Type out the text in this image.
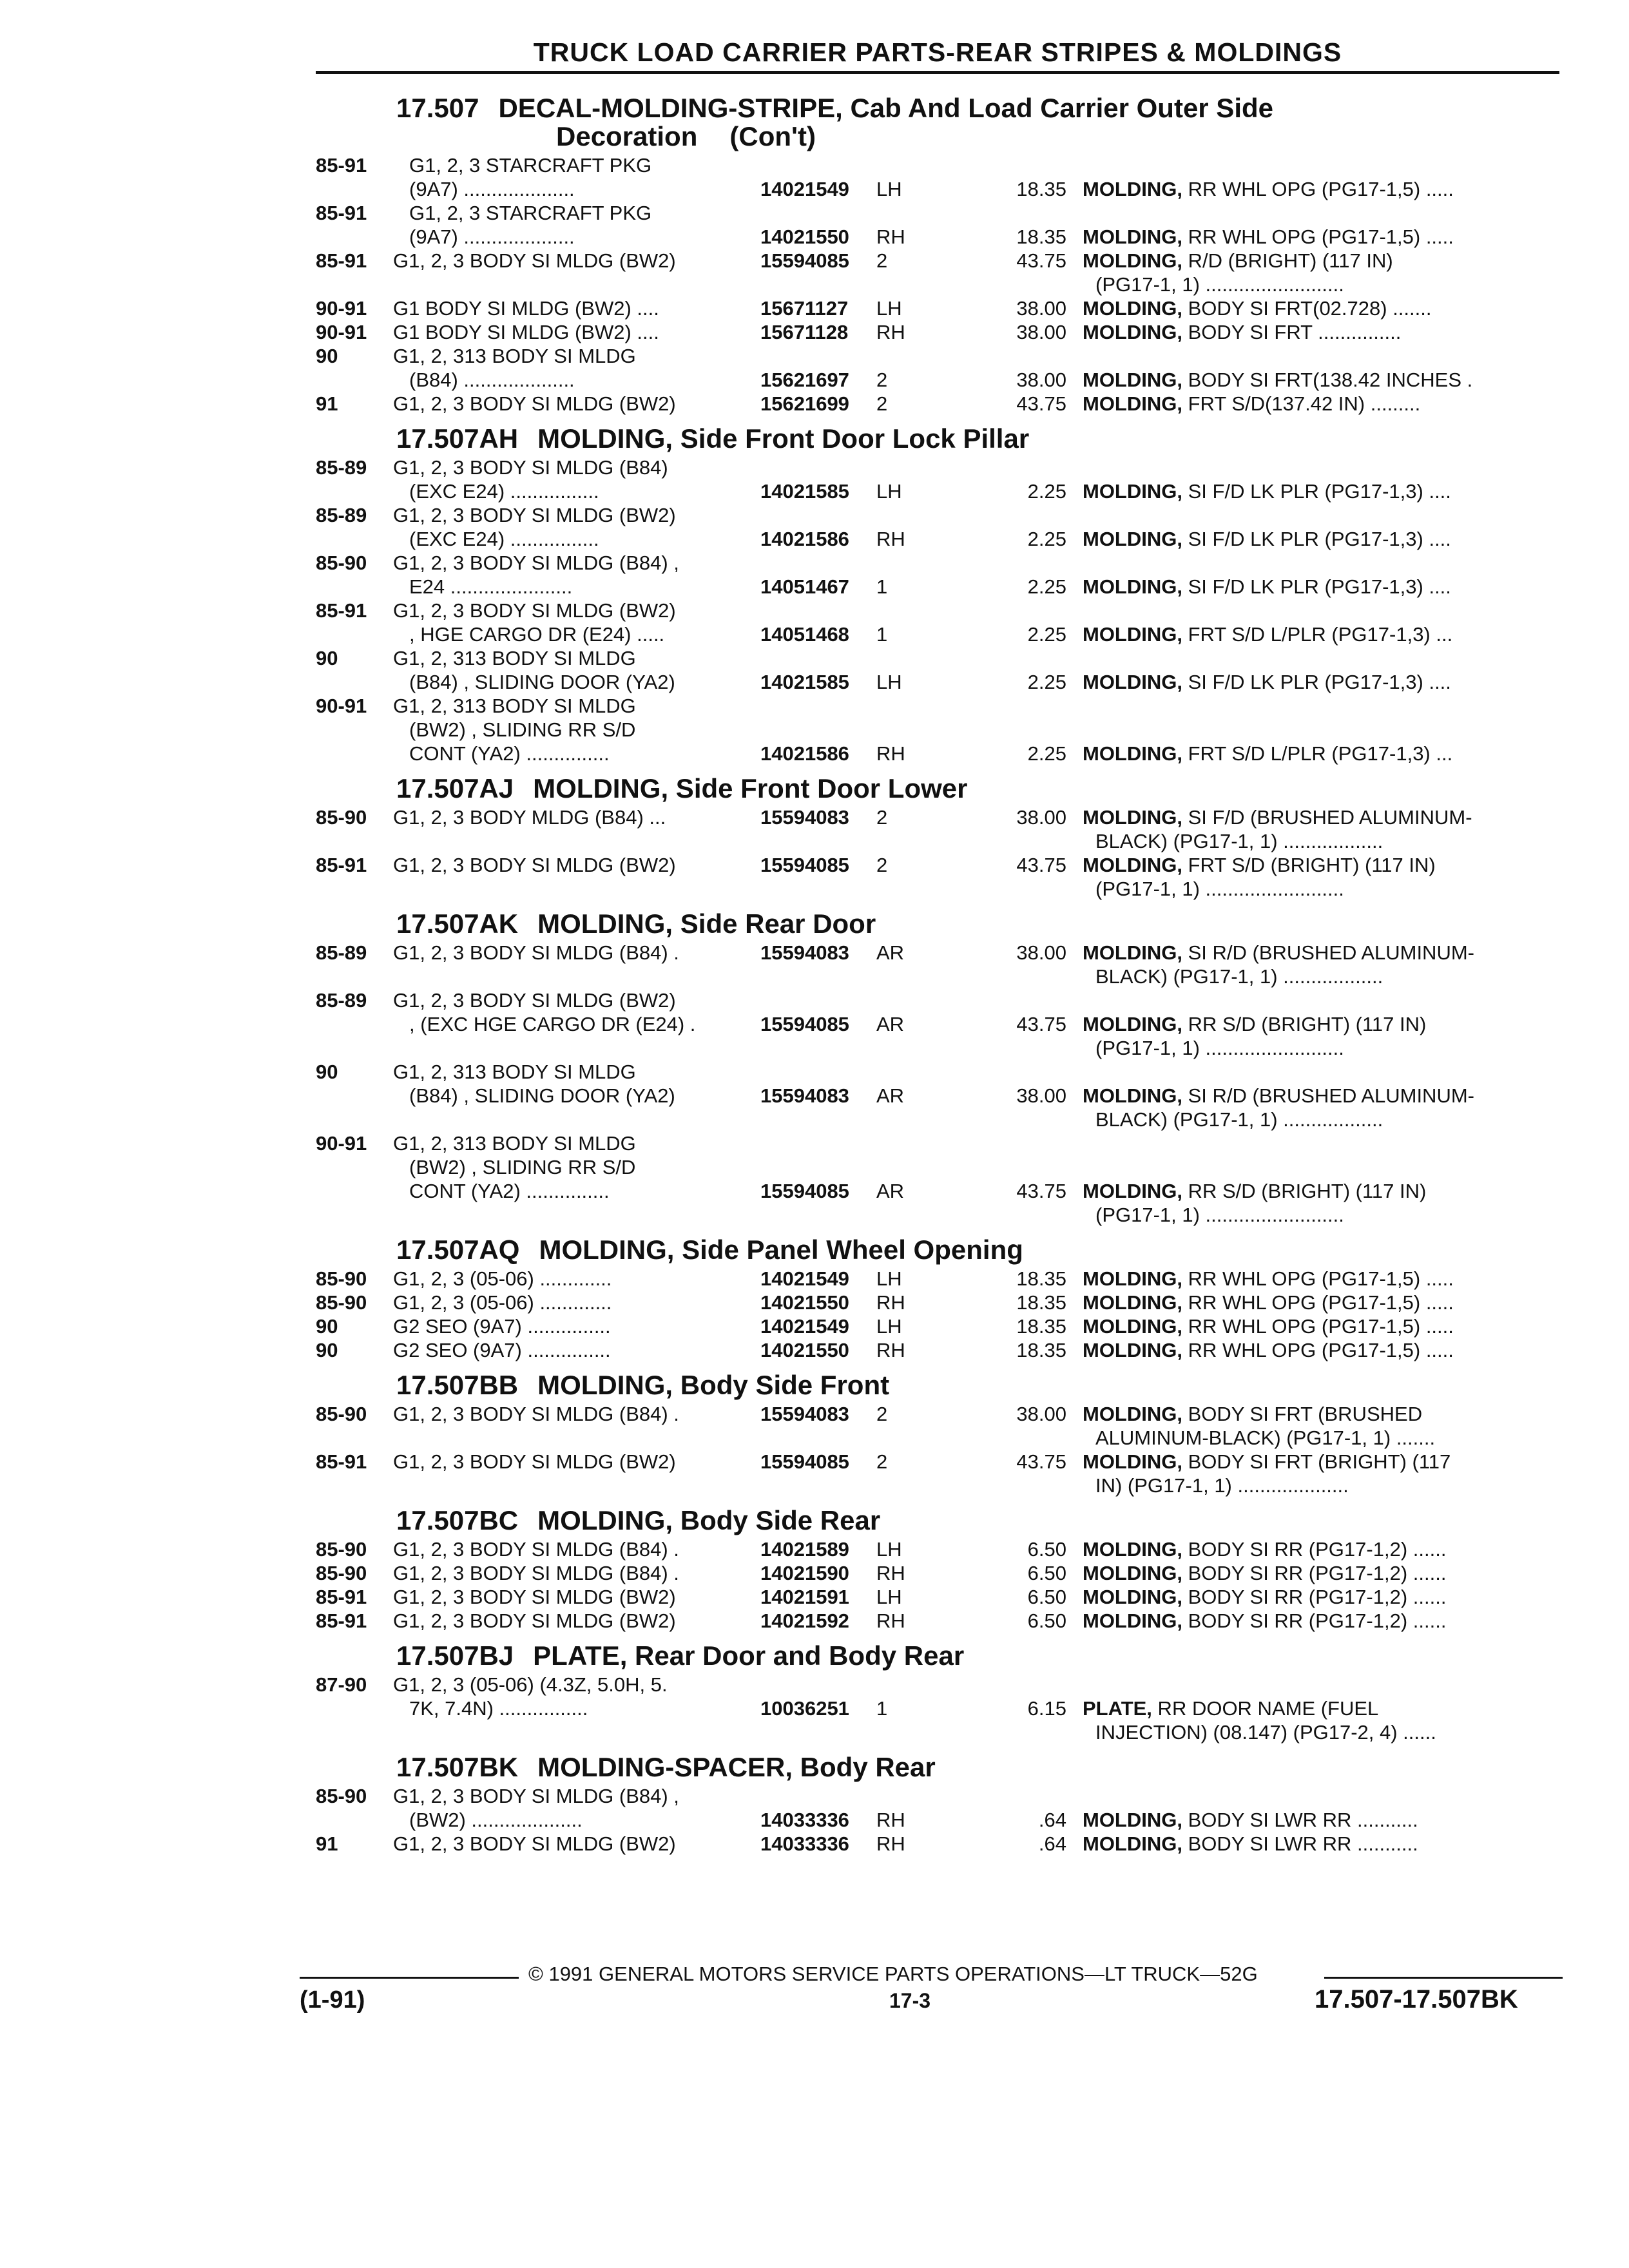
TRUCK LOAD CARRIER PARTS-REAR STRIPES & MOLDINGS
17.507 DECAL-MOLDING-STRIPE, Cab And Load Carrier Outer Side
Decoration (Con't)
85-91 G1, 2, 3 STARCRAFT PKG
(9A7) ....................	14021549 LH	18.35 MOLDING, RR WHL OPG (PG17-1,5) .....
85-91 G1, 2, 3 STARCRAFT PKG
(9A7) ....................	14021550 RH	18.35 MOLDING, RR WHL OPG (PG17-1,5) .....
85-91 G1, 2, 3 BODY SI MLDG (BW2)	15594085 2	43.75 MOLDING, R/D (BRIGHT) (117 IN)
(PG17-1, 1) .........................
90-91 G1 BODY SI MLDG (BW2) ....	15671127 LH	38.00 MOLDING, BODY SI FRT(02.728) .......
90-91 G1 BODY SI MLDG (BW2) ....	15671128 RH	38.00 MOLDING, BODY SI FRT ...............
90	G1, 2, 313 BODY SI MLDG
(B84) ....................	15621697 2	38.00 MOLDING, BODY SI FRT(138.42 INCHES .
91	G1, 2, 3 BODY SI MLDG (BW2)	15621699 2	43.75 MOLDING, FRT S/D(137.42 IN) .........
17.507AH MOLDING, Side Front Door Lock Pillar
85-89 G1, 2, 3 BODY SI MLDG (B84)
(EXC E24) ................	14021585 LH	2.25 MOLDING, SI F/D LK PLR (PG17-1,3) ....
85-89 G1, 2, 3 BODY SI MLDG (BW2)
(EXC E24) ................	14021586 RH	2.25 MOLDING, SI F/D LK PLR (PG17-1,3) ....
85-90 G1, 2, 3 BODY SI MLDG (B84) ,
E24 ......................	14051467 1	2.25 MOLDING, SI F/D LK PLR (PG17-1,3) ....
85-91 G1, 2, 3 BODY SI MLDG (BW2)
, HGE CARGO DR (E24) .....	14051468 1	2.25 MOLDING, FRT S/D L/PLR (PG17-1,3) ...
90	G1, 2, 313 BODY SI MLDG
(B84) , SLIDING DOOR (YA2)	14021585 LH	2.25 MOLDING, SI F/D LK PLR (PG17-1,3) ....
90-91 G1, 2, 313 BODY SI MLDG
(BW2) , SLIDING RR S/D
CONT (YA2) ...............	14021586 RH	2.25 MOLDING, FRT S/D L/PLR (PG17-1,3) ...
17.507AJ MOLDING, Side Front Door Lower
85-90 G1, 2, 3 BODY MLDG (B84) ...	15594083 2	38.00 MOLDING, SI F/D (BRUSHED ALUMINUM-
BLACK) (PG17-1, 1) ..................
85-91 G1, 2, 3 BODY SI MLDG (BW2)	15594085 2	43.75 MOLDING, FRT S/D (BRIGHT) (117 IN)
(PG17-1, 1) .........................
17.507AK MOLDING, Side Rear Door
85-89 G1, 2, 3 BODY SI MLDG (B84) .	15594083 AR	38.00 MOLDING, SI R/D (BRUSHED ALUMINUM-
BLACK) (PG17-1, 1) ..................
85-89 G1, 2, 3 BODY SI MLDG (BW2)
, (EXC HGE CARGO DR (E24) .	15594085 AR	43.75 MOLDING, RR S/D (BRIGHT) (117 IN)
(PG17-1, 1) .........................
90	G1, 2, 313 BODY SI MLDG
(B84) , SLIDING DOOR (YA2)	15594083 AR	38.00 MOLDING, SI R/D (BRUSHED ALUMINUM-
BLACK) (PG17-1, 1) ..................
90-91 G1, 2, 313 BODY SI MLDG
(BW2) , SLIDING RR S/D
CONT (YA2) ...............	15594085 AR	43.75 MOLDING, RR S/D (BRIGHT) (117 IN)
(PG17-1, 1) .........................
17.507AQ MOLDING, Side Panel Wheel Opening
85-90 G1, 2, 3 (05-06) .............	14021549 LH	18.35 MOLDING, RR WHL OPG (PG17-1,5) .....
85-90 G1, 2, 3 (05-06) .............	14021550 RH	18.35 MOLDING, RR WHL OPG (PG17-1,5) .....
90	G2 SEO (9A7) ...............	14021549 LH	18.35 MOLDING, RR WHL OPG (PG17-1,5) .....
90	G2 SEO (9A7) ...............	14021550 RH	18.35 MOLDING, RR WHL OPG (PG17-1,5) .....
17.507BB MOLDING, Body Side Front
85-90 G1, 2, 3 BODY SI MLDG (B84) .	15594083 2	38.00 MOLDING, BODY SI FRT (BRUSHED
ALUMINUM-BLACK) (PG17-1, 1) .......
85-91 G1, 2, 3 BODY SI MLDG (BW2)	15594085 2	43.75 MOLDING, BODY SI FRT (BRIGHT) (117
IN) (PG17-1, 1) ....................
17.507BC MOLDING, Body Side Rear
85-90 G1, 2, 3 BODY SI MLDG (B84) .	14021589 LH	6.50 MOLDING, BODY SI RR (PG17-1,2) ......
85-90 G1, 2, 3 BODY SI MLDG (B84) .	14021590 RH	6.50 MOLDING, BODY SI RR (PG17-1,2) ......
85-91 G1, 2, 3 BODY SI MLDG (BW2)	14021591 LH	6.50 MOLDING, BODY SI RR (PG17-1,2) ......
85-91 G1, 2, 3 BODY SI MLDG (BW2)	14021592 RH	6.50 MOLDING, BODY SI RR (PG17-1,2) ......
17.507BJ PLATE, Rear Door and Body Rear
87-90 G1, 2, 3 (05-06) (4.3Z, 5.0H, 5.
7K, 7.4N) ................	10036251 1	6.15 PLATE, RR DOOR NAME (FUEL
INJECTION) (08.147) (PG17-2, 4) ......
17.507BK MOLDING-SPACER, Body Rear
85-90 G1, 2, 3 BODY SI MLDG (B84) ,
(BW2) ....................	14033336 RH	.64 MOLDING, BODY SI LWR RR ...........
91	G1, 2, 3 BODY SI MLDG (BW2)	14033336 RH	.64 MOLDING, BODY SI LWR RR ...........
© 1991 GENERAL MOTORS SERVICE PARTS OPERATIONS—LT TRUCK—52G
(1-91)	17-3	17.507-17.507BK
